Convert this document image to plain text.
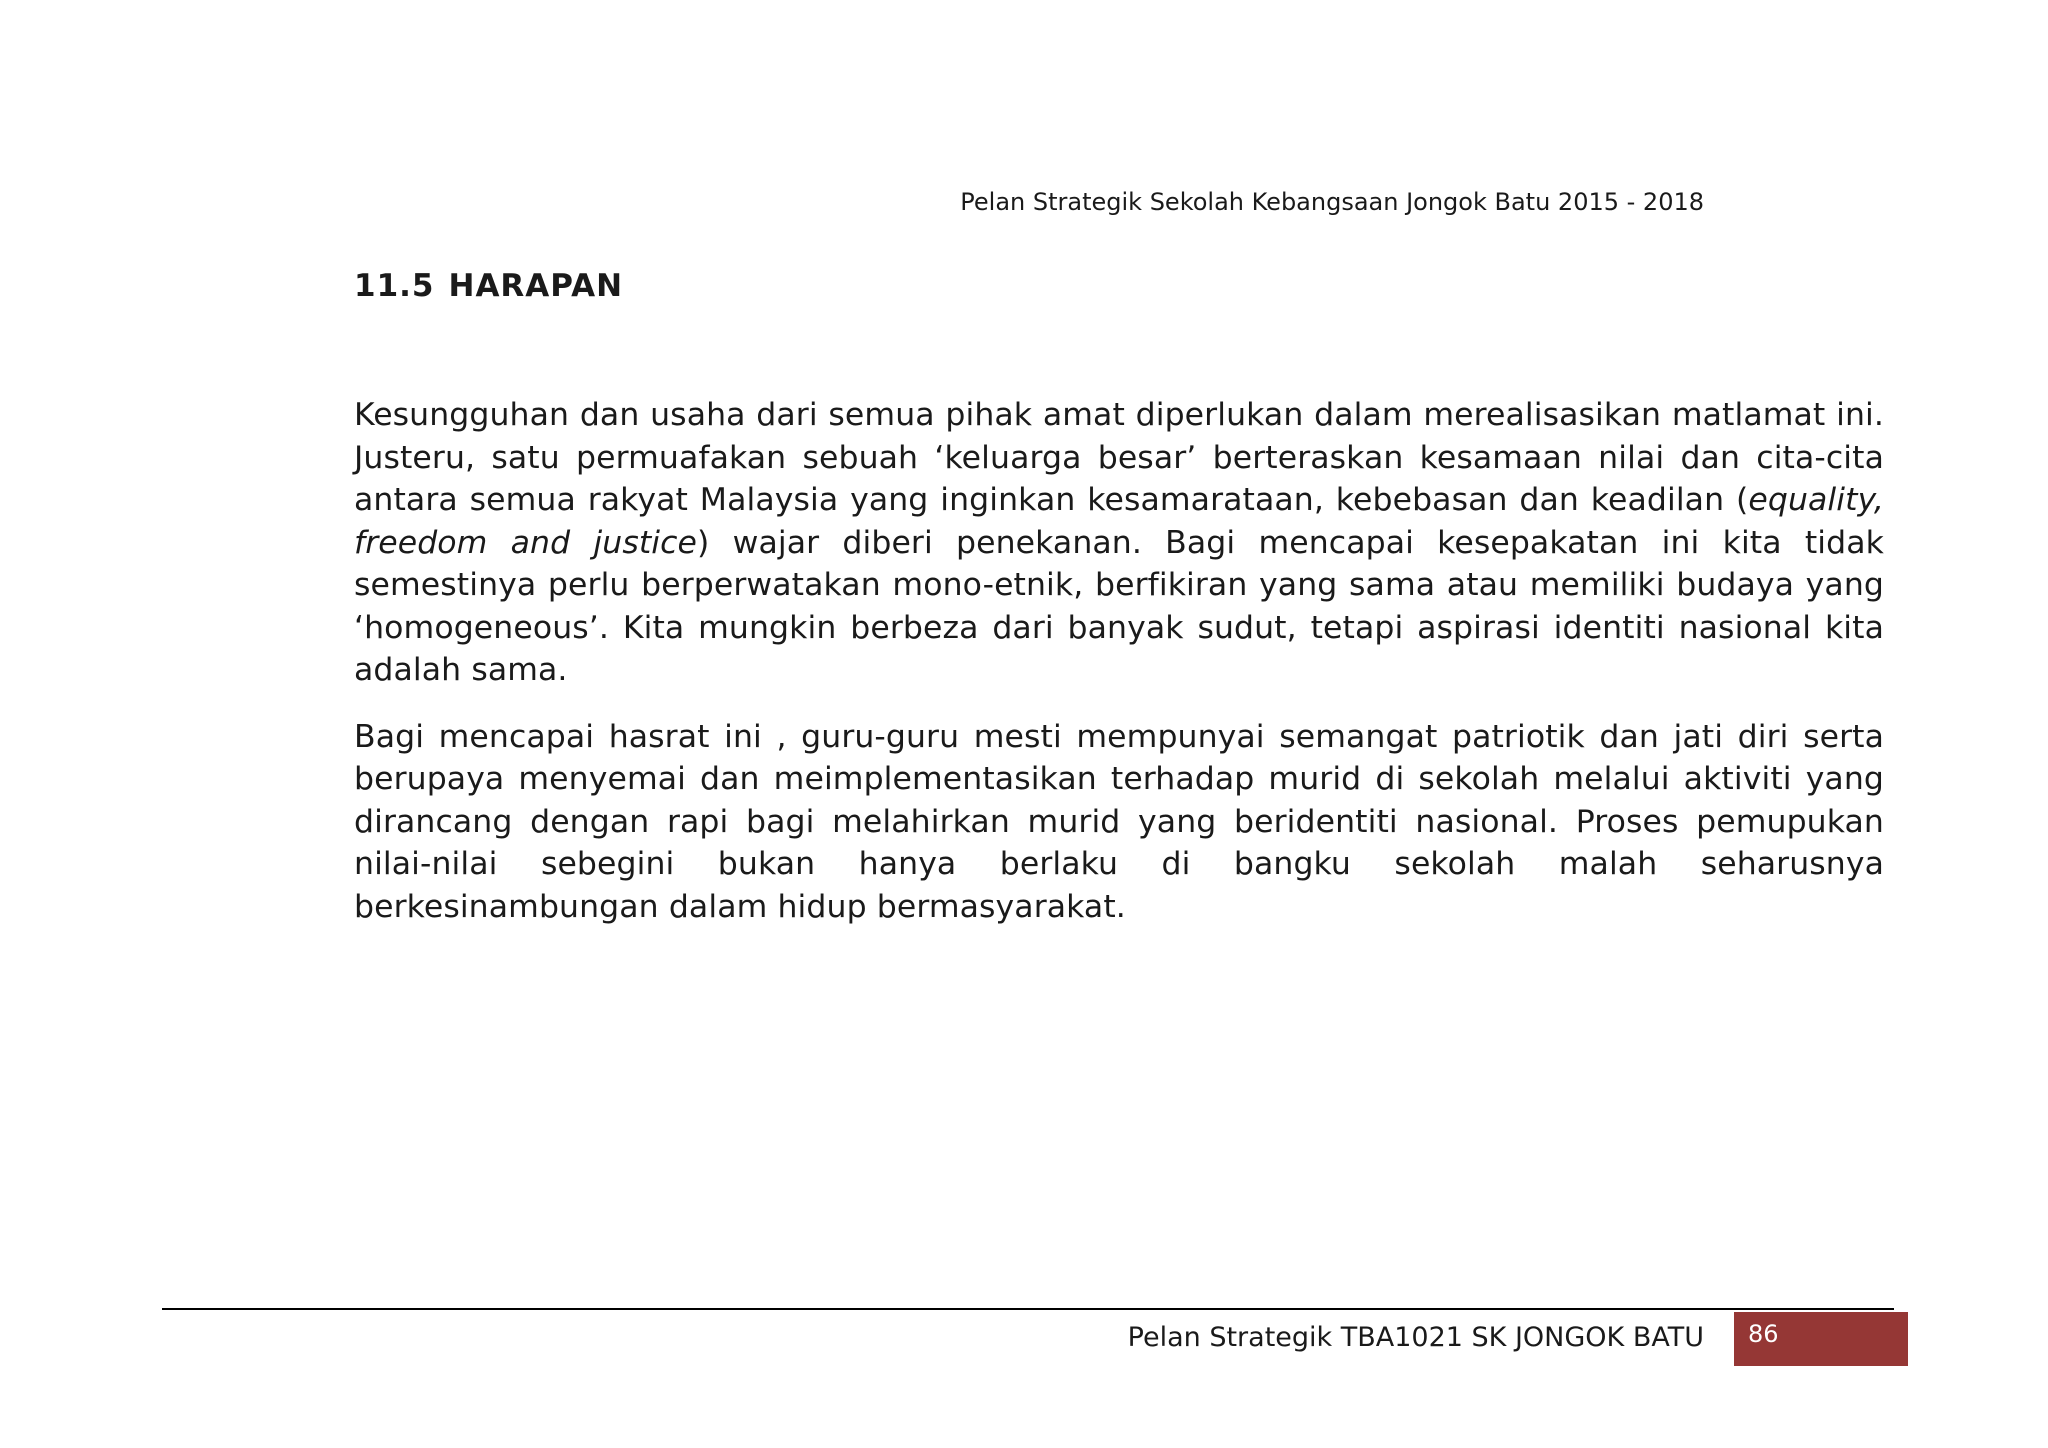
Pelan Strategik Sekolah Kebangsaan Jongok Batu 2015 - 2018
11.5 HARAPAN

Kesungguhan dan usaha dari semua pihak amat diperlukan dalam merealisasikan matlamat ini. Justeru, satu permuafakan sebuah ‘keluarga besar’ berteraskan kesamaan nilai dan cita-cita antara semua rakyat Malaysia yang inginkan kesamarataan, kebebasan dan keadilan (equality, freedom and justice) wajar diberi penekanan. Bagi mencapai kesepakatan ini kita tidak semestinya perlu berperwatakan mono-etnik, berfikiran yang sama atau memiliki budaya yang ‘homogeneous’. Kita mungkin berbeza dari banyak sudut, tetapi aspirasi identiti nasional kita adalah sama.

Bagi mencapai hasrat ini , guru-guru mesti mempunyai semangat patriotik dan jati diri serta berupaya menyemai dan meimplementasikan terhadap murid di sekolah melalui aktiviti yang dirancang dengan rapi bagi melahirkan murid yang beridentiti nasional. Proses pemupukan nilai-nilai sebegini bukan hanya berlaku di bangku sekolah malah seharusnya berkesinambungan dalam hidup bermasyarakat.

Pelan Strategik TBA1021 SK JONGOK BATU	86
